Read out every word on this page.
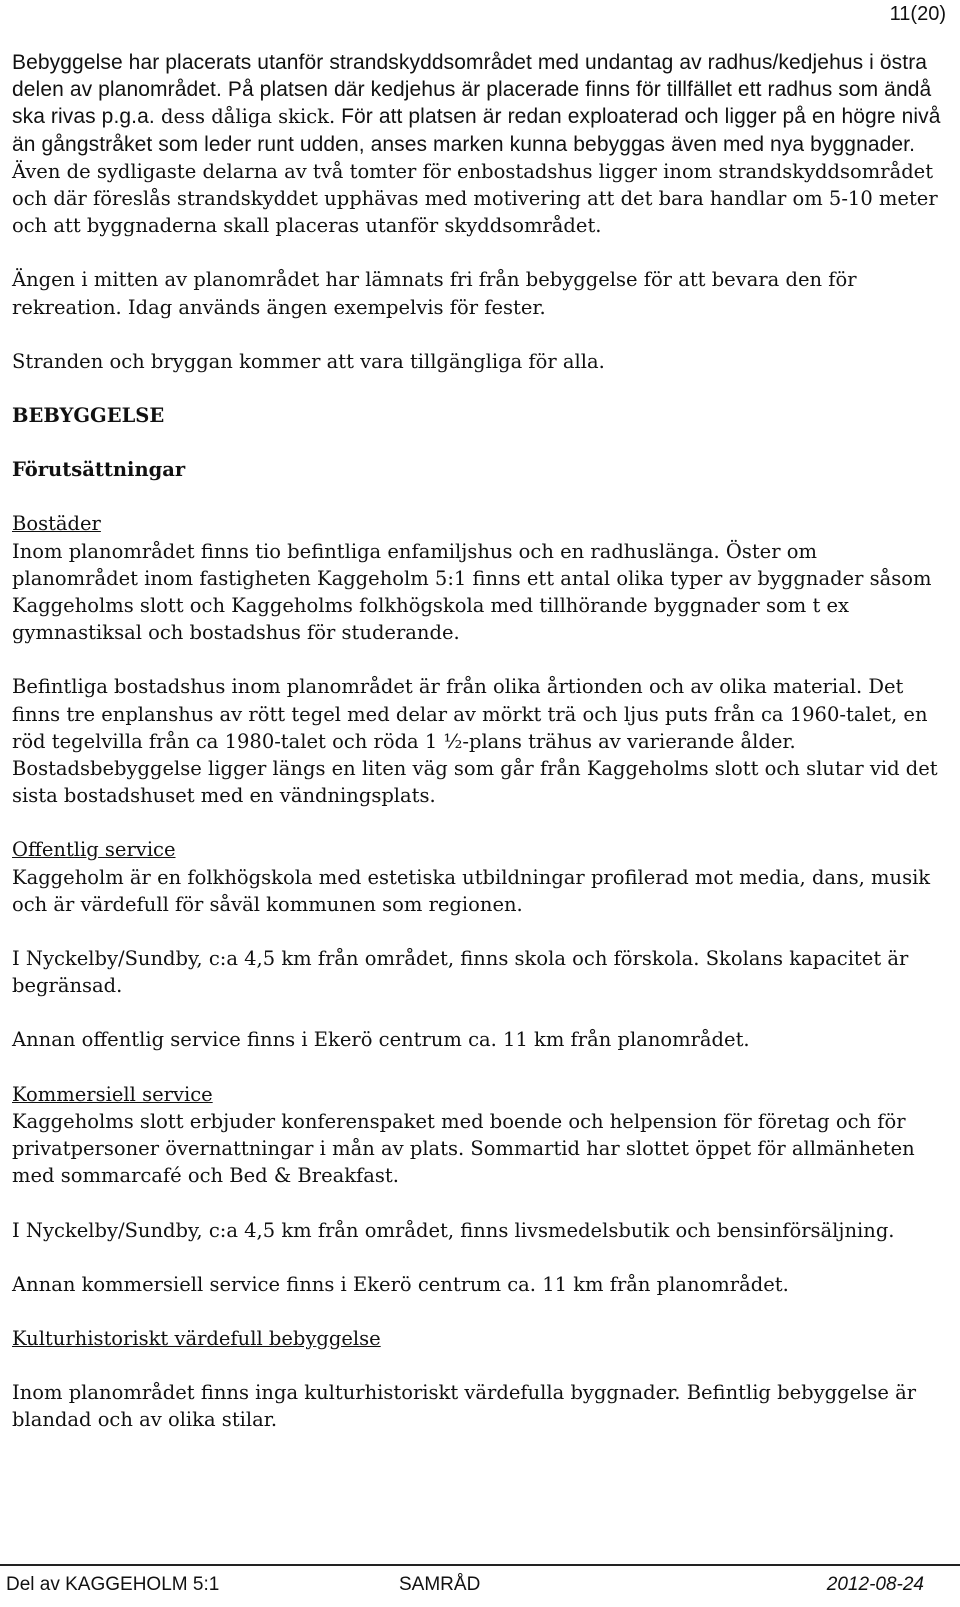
11(20)

Bebyggelse har placerats utanför strandskyddsområdet med undantag av radhus/kedjehus i östra delen av planområdet. På platsen där kedjehus är placerade finns för tillfället ett radhus som ändå ska rivas p.g.a. dess dåliga skick. För att platsen är redan exploaterad och ligger på en högre nivå än gångstråket som leder runt udden, anses marken kunna bebyggas även med nya byggnader. Även de sydligaste delarna av två tomter för enbostadshus ligger inom strandskyddsområdet och där föreslås strandskyddet upphävas med motivering att det bara handlar om 5-10 meter och att byggnaderna skall placeras utanför skyddsområdet.

Ängen i mitten av planområdet har lämnats fri från bebyggelse för att bevara den för rekreation. Idag används ängen exempelvis för fester.

Stranden och bryggan kommer att vara tillgängliga för alla.

BEBYGGELSE

Förutsättningar

Bostäder

Inom planområdet finns tio befintliga enfamiljshus och en radhuslänga. Öster om planområdet inom fastigheten Kaggeholm 5:1 finns ett antal olika typer av byggnader såsom Kaggeholms slott och Kaggeholms folkhögskola med tillhörande byggnader som t ex gymnastiksal och bostadshus för studerande.

Befintliga bostadshus inom planområdet är från olika årtionden och av olika material. Det finns tre enplanshus av rött tegel med delar av mörkt trä och ljus puts från ca 1960-talet, en röd tegelvilla från ca 1980-talet och röda 1 ½-plans trähus av varierande ålder. Bostadsbebyggelse ligger längs en liten väg som går från Kaggeholms slott och slutar vid det sista bostadshuset med en vändningsplats.

Offentlig service

Kaggeholm är en folkhögskola med estetiska utbildningar profilerad mot media, dans, musik och är värdefull för såväl kommunen som regionen.

I Nyckelby/Sundby, c:a 4,5 km från området, finns skola och förskola. Skolans kapacitet är begränsad.

Annan offentlig service finns i Ekerö centrum ca. 11 km från planområdet.

Kommersiell service

Kaggeholms slott erbjuder konferenspaket med boende och helpension för företag och för privatpersoner övernattningar i mån av plats. Sommartid har slottet öppet för allmänheten med sommarcafé och Bed & Breakfast.

I Nyckelby/Sundby, c:a 4,5 km från området, finns livsmedelsbutik och bensinförsäljning.

Annan kommersiell service finns i Ekerö centrum ca. 11 km från planområdet.

Kulturhistoriskt värdefull bebyggelse

Inom planområdet finns inga kulturhistoriskt värdefulla byggnader. Befintlig bebyggelse är blandad och av olika stilar.

Del av KAGGEHOLM 5:1	SAMRÅD	2012-08-24
